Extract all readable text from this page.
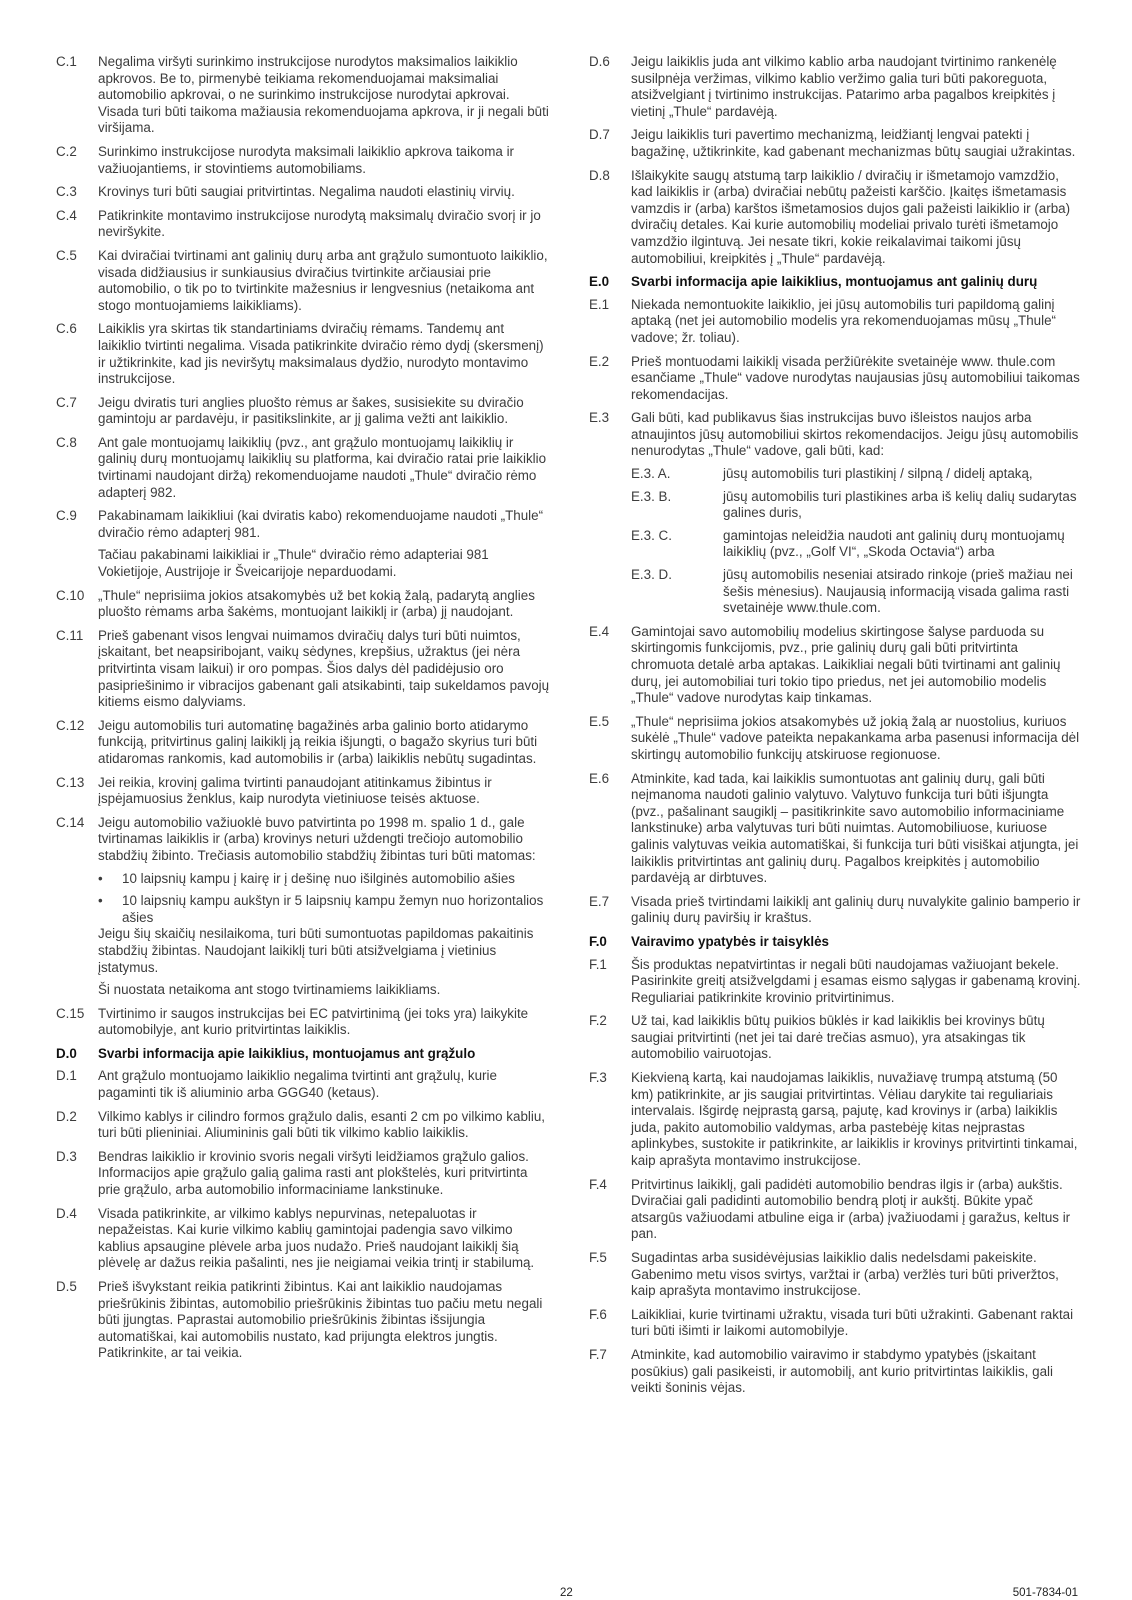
C.1	Negalima viršyti surinkimo instrukcijose nurodytos maksimalios laikiklio apkrovos. Be to, pirmenybė teikiama rekomenduojamai maksimaliai automobilio apkrovai, o ne surinkimo instrukcijose nurodytai apkrovai. Visada turi būti taikoma mažiausia rekomenduojama apkrova, ir ji negali būti viršijama.

C.2	Surinkimo instrukcijose nurodyta maksimali laikiklio apkrova taikoma ir važiuojantiems, ir stovintiems automobiliams.

C.3	Krovinys turi būti saugiai pritvirtintas. Negalima naudoti elastinių virvių.

C.4	Patikrinkite montavimo instrukcijose nurodytą maksimalų dviračio svorį ir jo neviršykite.

C.5	Kai dviračiai tvirtinami ant galinių durų arba ant grąžulo sumontuoto laikiklio, visada didžiausius ir sunkiausius dviračius tvirtinkite arčiausiai prie automobilio, o tik po to tvirtinkite mažesnius ir lengvesnius (netaikoma ant stogo montuojamiems laikikliams).

C.6	Laikiklis yra skirtas tik standartiniams dviračių rėmams. Tandemų ant laikiklio tvirtinti negalima. Visada patikrinkite dviračio rėmo dydį (skersmenį) ir užtikrinkite, kad jis neviršytų maksimalaus dydžio, nurodyto montavimo instrukcijose.

C.7	Jeigu dviratis turi anglies pluošto rėmus ar šakes, susisiekite su dviračio gamintoju ar pardavėju, ir pasitikslinkite, ar jį galima vežti ant laikiklio.

C.8	Ant gale montuojamų laikiklių (pvz., ant grąžulo montuojamų laikiklių ir galinių durų montuojamų laikiklių su platforma, kai dviračio ratai prie laikiklio tvirtinami naudojant diržą) rekomenduojame naudoti „Thule“ dviračio rėmo adapterį 982.

C.9	Pakabinamam laikikliui (kai dviratis kabo) rekomenduojame naudoti „Thule“ dviračio rėmo adapterį 981.

Tačiau pakabinami laikikliai ir „Thule“ dviračio rėmo adapteriai 981 Vokietijoje, Austrijoje ir Šveicarijoje neparduodami.

C.10	„Thule“ neprisiima jokios atsakomybės už bet kokią žalą, padarytą anglies pluošto rėmams arba šakėms, montuojant laikiklį ir (arba) jį naudojant.

C.11	Prieš gabenant visos lengvai nuimamos dviračių dalys turi būti nuimtos, įskaitant, bet neapsiribojant, vaikų sėdynes, krepšius, užraktus (jei nėra pritvirtinta visam laikui) ir oro pompas. Šios dalys dėl padidėjusio oro pasipriešinimo ir vibracijos gabenant gali atsikabinti, taip sukeldamos pavojų kitiems eismo dalyviams.

C.12	Jeigu automobilis turi automatinę bagažinės arba galinio borto atidarymo funkciją, pritvirtinus galinį laikiklį ją reikia išjungti, o bagažo skyrius turi būti atidaromas rankomis, kad automobilis ir (arba) laikiklis nebūtų sugadintas.

C.13	Jei reikia, krovinį galima tvirtinti panaudojant atitinkamus žibintus ir įspėjamuosius ženklus, kaip nurodyta vietiniuose teisės aktuose.

C.14	Jeigu automobilio važiuoklė buvo patvirtinta po 1998 m. spalio 1 d., gale tvirtinamas laikiklis ir (arba) krovinys neturi uždengti trečiojo automobilio stabdžių žibinto. Trečiasis automobilio stabdžių žibintas turi būti matomas:

•	10 laipsnių kampu į kairę ir į dešinę nuo išilginės automobilio ašies
•	10 laipsnių kampu aukštyn ir 5 laipsnių kampu žemyn nuo horizontalios ašies

Jeigu šių skaičių nesilaikoma, turi būti sumontuotas papildomas pakaitinis stabdžių žibintas. Naudojant laikiklį turi būti atsižvelgiama į vietinius įstatymus.

Ši nuostata netaikoma ant stogo tvirtinamiems laikikliams.

C.15	Tvirtinimo ir saugos instrukcijas bei EC patvirtinimą (jei toks yra) laikykite automobilyje, ant kurio pritvirtintas laikiklis.

D.0	Svarbi informacija apie laikiklius, montuojamus ant grąžulo

D.1	Ant grąžulo montuojamo laikiklio negalima tvirtinti ant grąžulų, kurie pagaminti tik iš aliuminio arba GGG40 (ketaus).

D.2	Vilkimo kablys ir cilindro formos grąžulo dalis, esanti 2 cm po vilkimo kabliu, turi būti plieniniai. Aliumininis gali būti tik vilkimo kablio laikiklis.

D.3	Bendras laikiklio ir krovinio svoris negali viršyti leidžiamos grąžulo galios. Informacijos apie grąžulo galią galima rasti ant plokštelės, kuri pritvirtinta prie grąžulo, arba automobilio informaciniame lankstinuke.

D.4	Visada patikrinkite, ar vilkimo kablys nepurvinas, netepaluotas ir nepažeistas. Kai kurie vilkimo kablių gamintojai padengia savo vilkimo kablius apsaugine plėvele arba juos nudažo. Prieš naudojant laikiklį šią plėvelę ar dažus reikia pašalinti, nes jie neigiamai veikia trintį ir stabilumą.

D.5	Prieš išvykstant reikia patikrinti žibintus. Kai ant laikiklio naudojamas priešrūkinis žibintas, automobilio priešrūkinis žibintas tuo pačiu metu negali būti įjungtas. Paprastai automobilio priešrūkinis žibintas išsijungia automatiškai, kai automobilis nustato, kad prijungta elektros jungtis. Patikrinkite, ar tai veikia.

D.6	Jeigu laikiklis juda ant vilkimo kablio arba naudojant tvirtinimo rankenėlę susilpnėja veržimas, vilkimo kablio veržimo galia turi būti pakoreguota, atsižvelgiant į tvirtinimo instrukcijas. Patarimo arba pagalbos kreipkitės į vietinį „Thule“ pardavėją.

D.7	Jeigu laikiklis turi pavertimo mechanizmą, leidžiantį lengvai patekti į bagažinę, užtikrinkite, kad gabenant mechanizmas būtų saugiai užrakintas.

D.8	Išlaikykite saugų atstumą tarp laikiklio / dviračių ir išmetamojo vamzdžio, kad laikiklis ir (arba) dviračiai nebūtų pažeisti karščio. Įkaitęs išmetamasis vamzdis ir (arba) karštos išmetamosios dujos gali pažeisti laikiklio ir (arba) dviračių detales. Kai kurie automobilių modeliai privalo turėti išmetamojo vamzdžio ilgintuvą. Jei nesate tikri, kokie reikalavimai taikomi jūsų automobiliui, kreipkitės į „Thule“ pardavėją.

E.0	Svarbi informacija apie laikiklius, montuojamus ant galinių durų

E.1	Niekada nemontuokite laikiklio, jei jūsų automobilis turi papildomą galinį aptaką (net jei automobilio modelis yra rekomenduojamas mūsų „Thule“ vadove; žr. toliau).

E.2	Prieš montuodami laikiklį visada peržiūrėkite svetainėje www. thule.com esančiame „Thule“ vadove nurodytas naujausias jūsų automobiliui taikomas rekomendacijas.

E.3	Gali būti, kad publikavus šias instrukcijas buvo išleistos naujos arba atnaujintos jūsų automobiliui skirtos rekomendacijos. Jeigu jūsų automobilis nenurodytas „Thule“ vadove, gali būti, kad:

E.3. A.	jūsų automobilis turi plastikinį / silpną / didelį aptaką,
E.3. B.	jūsų automobilis turi plastikines arba iš kelių dalių sudarytas galines duris,
E.3. C.	gamintojas neleidžia naudoti ant galinių durų montuojamų laikiklių (pvz., „Golf VI“, „Skoda Octavia“) arba
E.3. D.	jūsų automobilis neseniai atsirado rinkoje (prieš mažiau nei šešis mėnesius). Naujausią informaciją visada galima rasti svetainėje www.thule.com.
E.4	Gamintojai savo automobilių modelius skirtingose šalyse parduoda su skirtingomis funkcijomis, pvz., prie galinių durų gali būti pritvirtinta chromuota detalė arba aptakas. Laikikliai negali būti tvirtinami ant galinių durų, jei automobiliai turi tokio tipo priedus, net jei automobilio modelis „Thule“ vadove nurodytas kaip tinkamas.

E.5	„Thule“ neprisiima jokios atsakomybės už jokią žalą ar nuostolius, kuriuos sukėlė „Thule“ vadove pateikta nepakankama arba pasenusi informacija dėl skirtingų automobilio funkcijų atskiruose regionuose.

E.6	Atminkite, kad tada, kai laikiklis sumontuotas ant galinių durų, gali būti neįmanoma naudoti galinio valytuvo. Valytuvo funkcija turi būti išjungta (pvz., pašalinant saugiklį – pasitikrinkite savo automobilio informaciniame lankstinuke) arba valytuvas turi būti nuimtas. Automobiliuose, kuriuose galinis valytuvas veikia automatiškai, ši funkcija turi būti visiškai atjungta, jei laikiklis pritvirtintas ant galinių durų. Pagalbos kreipkitės į automobilio pardavėją ar dirbtuves.

E.7	Visada prieš tvirtindami laikiklį ant galinių durų nuvalykite galinio bamperio ir galinių durų paviršių ir kraštus.

F.0	Vairavimo ypatybės ir taisyklės

F.1	Šis produktas nepatvirtintas ir negali būti naudojamas važiuojant bekele. Pasirinkite greitį atsižvelgdami į esamas eismo sąlygas ir gabenamą krovinį. Reguliariai patikrinkite krovinio pritvirtinimus.

F.2	Už tai, kad laikiklis būtų puikios būklės ir kad laikiklis bei krovinys būtų saugiai pritvirtinti (net jei tai darė trečias asmuo), yra atsakingas tik automobilio vairuotojas.

F.3	Kiekvieną kartą, kai naudojamas laikiklis, nuvažiavę trumpą atstumą (50 km) patikrinkite, ar jis saugiai pritvirtintas. Vėliau darykite tai reguliariais intervalais. Išgirdę neįprastą garsą, pajutę, kad krovinys ir (arba) laikiklis juda, pakito automobilio valdymas, arba pastebėję kitas neįprastas aplinkybes, sustokite ir patikrinkite, ar laikiklis ir krovinys pritvirtinti tinkamai, kaip aprašyta montavimo instrukcijose.

F.4	Pritvirtinus laikiklį, gali padidėti automobilio bendras ilgis ir (arba) aukštis. Dviračiai gali padidinti automobilio bendrą plotį ir aukštį. Būkite ypač atsargūs važiuodami atbuline eiga ir (arba) įvažiuodami į garažus, keltus ir pan.

F.5	Sugadintas arba susidėvėjusias laikiklio dalis nedelsdami pakeiskite. Gabenimo metu visos svirtys, varžtai ir (arba) veržlės turi būti priveržtos, kaip aprašyta montavimo instrukcijose.

F.6	Laikikliai, kurie tvirtinami užraktu, visada turi būti užrakinti. Gabenant raktai turi būti išimti ir laikomi automobilyje.

F.7	Atminkite, kad automobilio vairavimo ir stabdymo ypatybės (įskaitant posūkius) gali pasikeisti, ir automobilį, ant kurio pritvirtintas laikiklis, gali veikti šoninis vėjas.

22	501-7834-01
